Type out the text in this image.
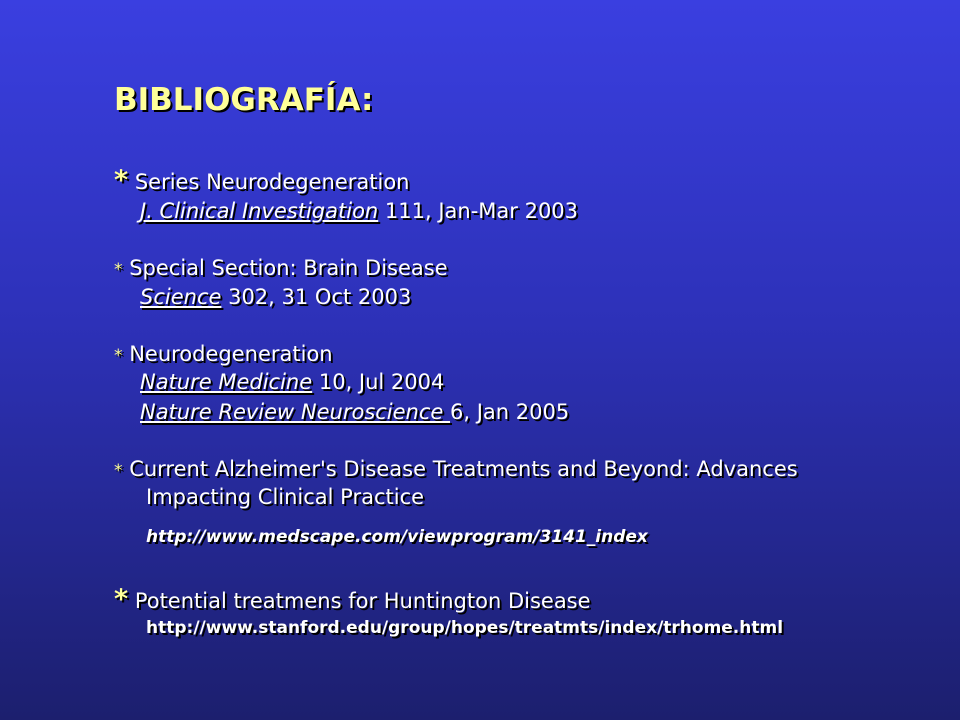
BIBLIOGRAFÍA:
* Series Neurodegeneration
J. Clinical Investigation 111, Jan-Mar 2003
* Special Section: Brain Disease
Science 302, 31 Oct 2003
* Neurodegeneration
Nature Medicine 10, Jul 2004
Nature Review Neuroscience 6, Jan 2005
* Current Alzheimer's Disease Treatments and Beyond: Advances
Impacting Clinical Practice
http://www.medscape.com/viewprogram/3141_index
* Potential treatmens for Huntington Disease
http://www.stanford.edu/group/hopes/treatmts/index/trhome.html
